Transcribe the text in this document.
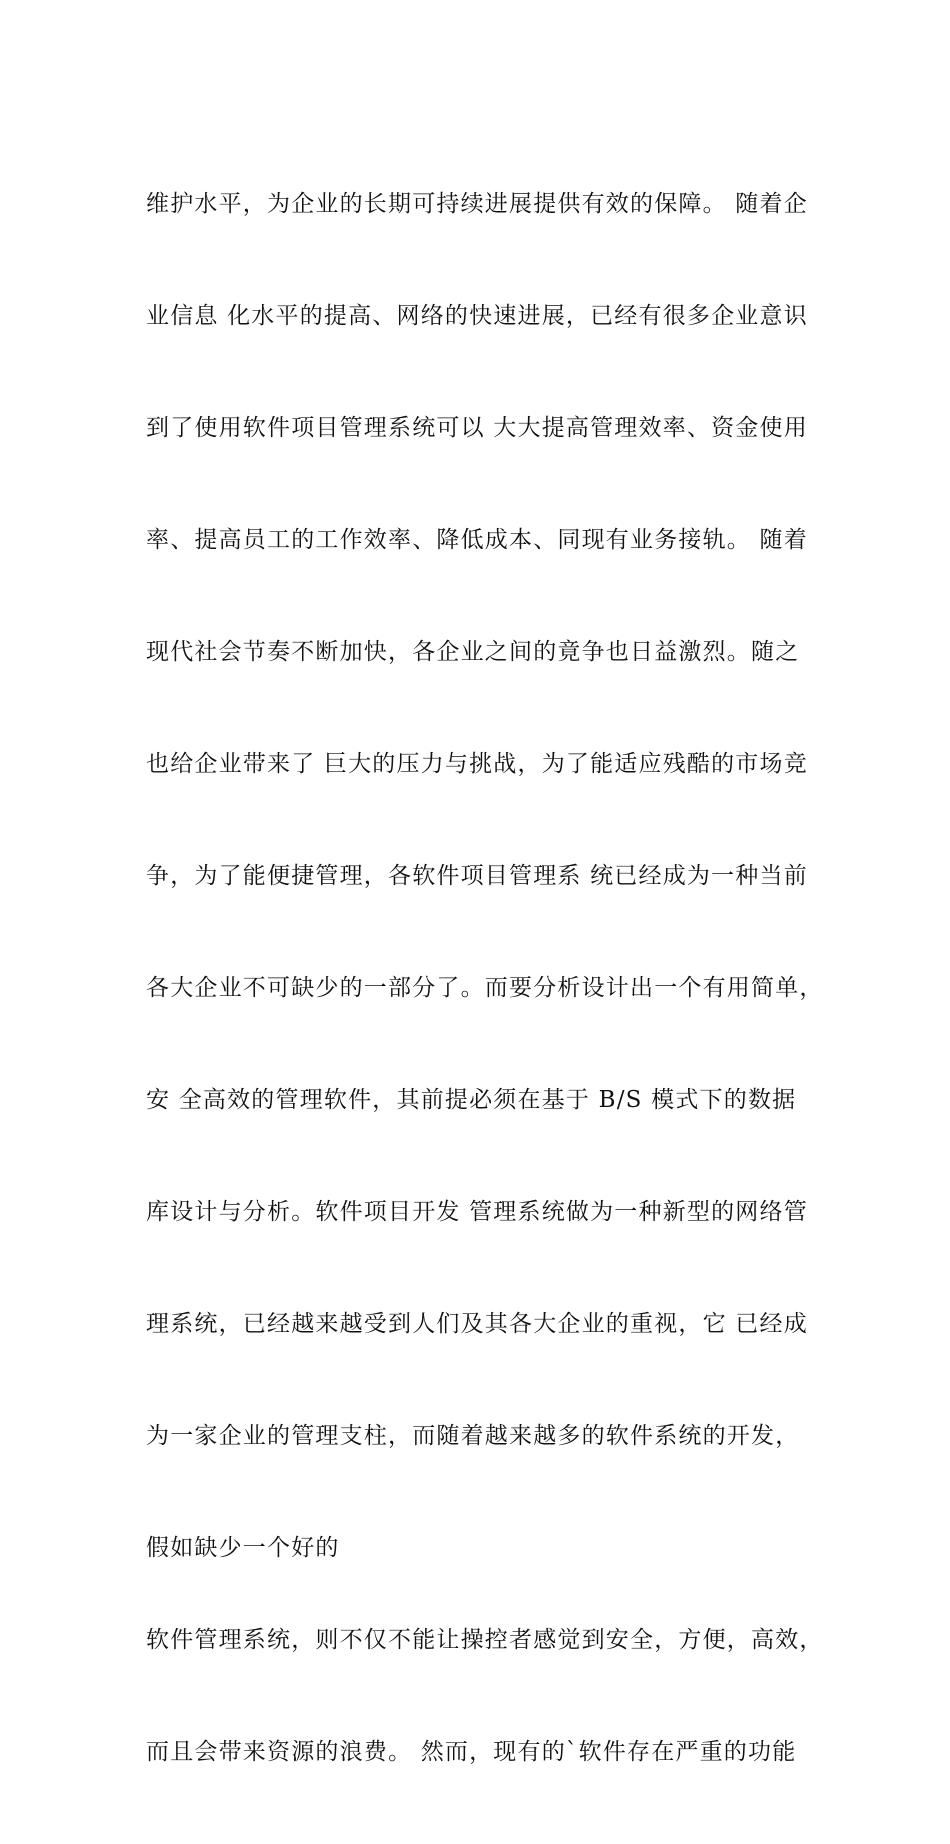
维护水平，为企业的长期可持续进展提供有效的保障。 随着企

业信息 化水平的提高、网络的快速进展，已经有很多企业意识

到了使用软件项目管理系统可以 大大提高管理效率、资金使用

率、提高员工的工作效率、降低成本、同现有业务接轨。 随着

现代社会节奏不断加快，各企业之间的竟争也日益激烈。随之

也给企业带来了 巨大的压力与挑战，为了能适应残酷的市场竞

争，为了能便捷管理，各软件项目管理系 统已经成为一种当前

各大企业不可缺少的一部分了。而要分析设计出一个有用简单，

安 全高效的管理软件，其前提必须在基于 B/S 模式下的数据

库设计与分析。软件项目开发 管理系统做为一种新型的网络管

理系统，已经越来越受到人们及其各大企业的重视，它 已经成

为一家企业的管理支柱，而随着越来越多的软件系统的开发，

假如缺少一个好的

软件管理系统，则不仅不能让操控者感觉到安全，方便，高效，

而且会带来资源的浪费。 然而，现有的`软件存在严重的功能
